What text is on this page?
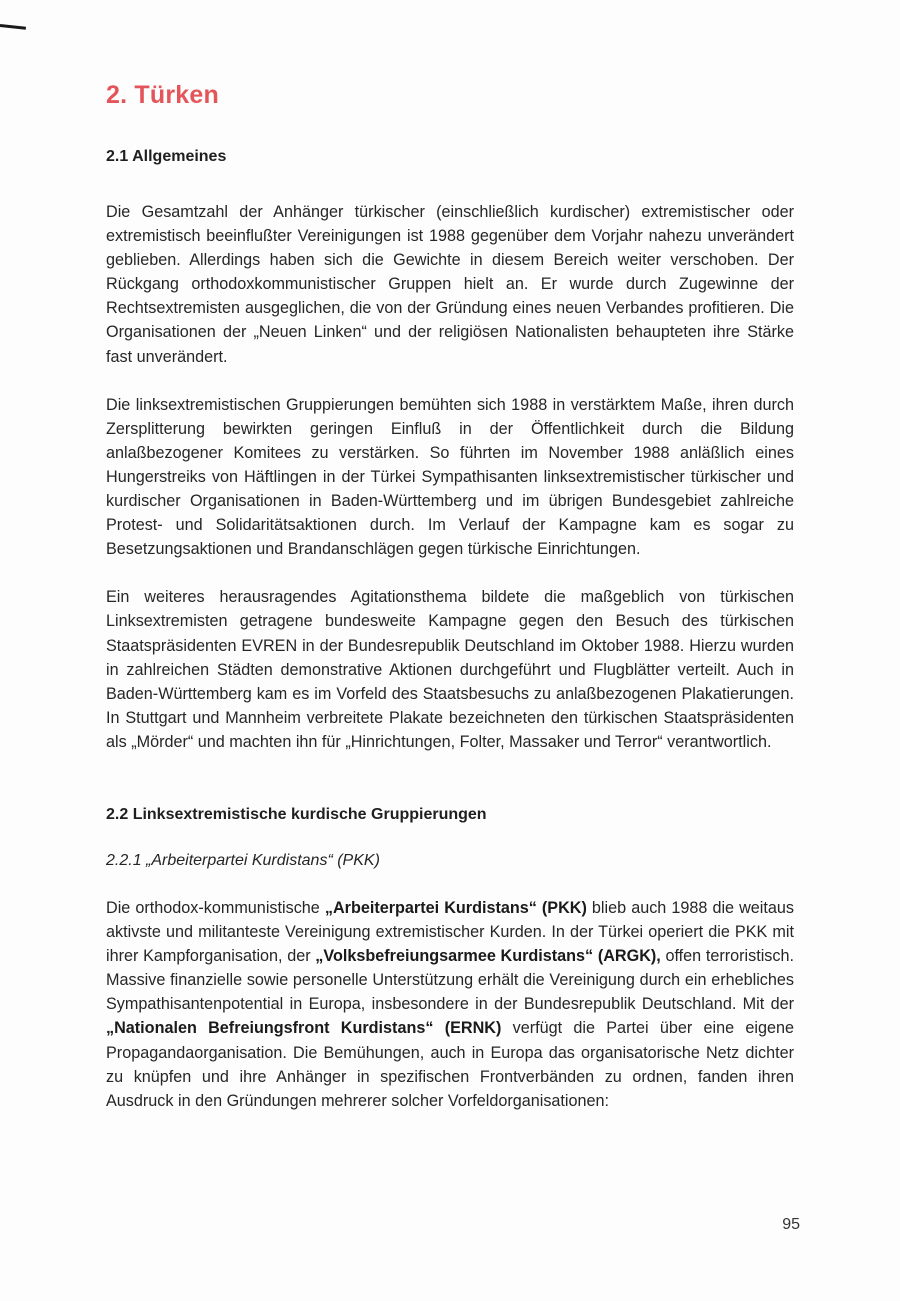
2. Türken
2.1 Allgemeines

Die Gesamtzahl der Anhänger türkischer (einschließlich kurdischer) extremistischer oder extremistisch beeinflußter Vereinigungen ist 1988 gegenüber dem Vorjahr nahezu unverändert geblieben. Allerdings haben sich die Gewichte in diesem Bereich weiter verschoben. Der Rückgang orthodoxkommunistischer Gruppen hielt an. Er wurde durch Zugewinne der Rechtsextremisten ausgeglichen, die von der Gründung eines neuen Verbandes profitieren. Die Organisationen der „Neuen Linken“ und der religiösen Nationalisten behaupteten ihre Stärke fast unverändert.

Die linksextremistischen Gruppierungen bemühten sich 1988 in verstärktem Maße, ihren durch Zersplitterung bewirkten geringen Einfluß in der Öffentlichkeit durch die Bildung anlaßbezogener Komitees zu verstärken. So führten im November 1988 anläßlich eines Hungerstreiks von Häftlingen in der Türkei Sympathisanten linksextremistischer türkischer und kurdischer Organisationen in Baden-Württemberg und im übrigen Bundesgebiet zahlreiche Protest- und Solidaritätsaktionen durch. Im Verlauf der Kampagne kam es sogar zu Besetzungsaktionen und Brandanschlägen gegen türkische Einrichtungen.

Ein weiteres herausragendes Agitationsthema bildete die maßgeblich von türkischen Linksextremisten getragene bundesweite Kampagne gegen den Besuch des türkischen Staatspräsidenten EVREN in der Bundesrepublik Deutschland im Oktober 1988. Hierzu wurden in zahlreichen Städten demonstrative Aktionen durchgeführt und Flugblätter verteilt. Auch in Baden-Württemberg kam es im Vorfeld des Staatsbesuchs zu anlaßbezogenen Plakatierungen. In Stuttgart und Mannheim verbreitete Plakate bezeichneten den türkischen Staatspräsidenten als „Mörder“ und machten ihn für „Hinrichtungen, Folter, Massaker und Terror“ verantwortlich.

2.2 Linksextremistische kurdische Gruppierungen
2.2.1 „Arbeiterpartei Kurdistans“ (PKK)

Die orthodox-kommunistische „Arbeiterpartei Kurdistans“ (PKK) blieb auch 1988 die weitaus aktivste und militanteste Vereinigung extremistischer Kurden. In der Türkei operiert die PKK mit ihrer Kampforganisation, der „Volksbefreiungsarmee Kurdistans“ (ARGK), offen terroristisch. Massive finanzielle sowie personelle Unterstützung erhält die Vereinigung durch ein erhebliches Sympathisantenpotential in Europa, insbesondere in der Bundesrepublik Deutschland. Mit der „Nationalen Befreiungsfront Kurdistans“ (ERNK) verfügt die Partei über eine eigene Propagandaorganisation. Die Bemühungen, auch in Europa das organisatorische Netz dichter zu knüpfen und ihre Anhänger in spezifischen Frontverbänden zu ordnen, fanden ihren Ausdruck in den Gründungen mehrerer solcher Vorfeldorganisationen:

95
